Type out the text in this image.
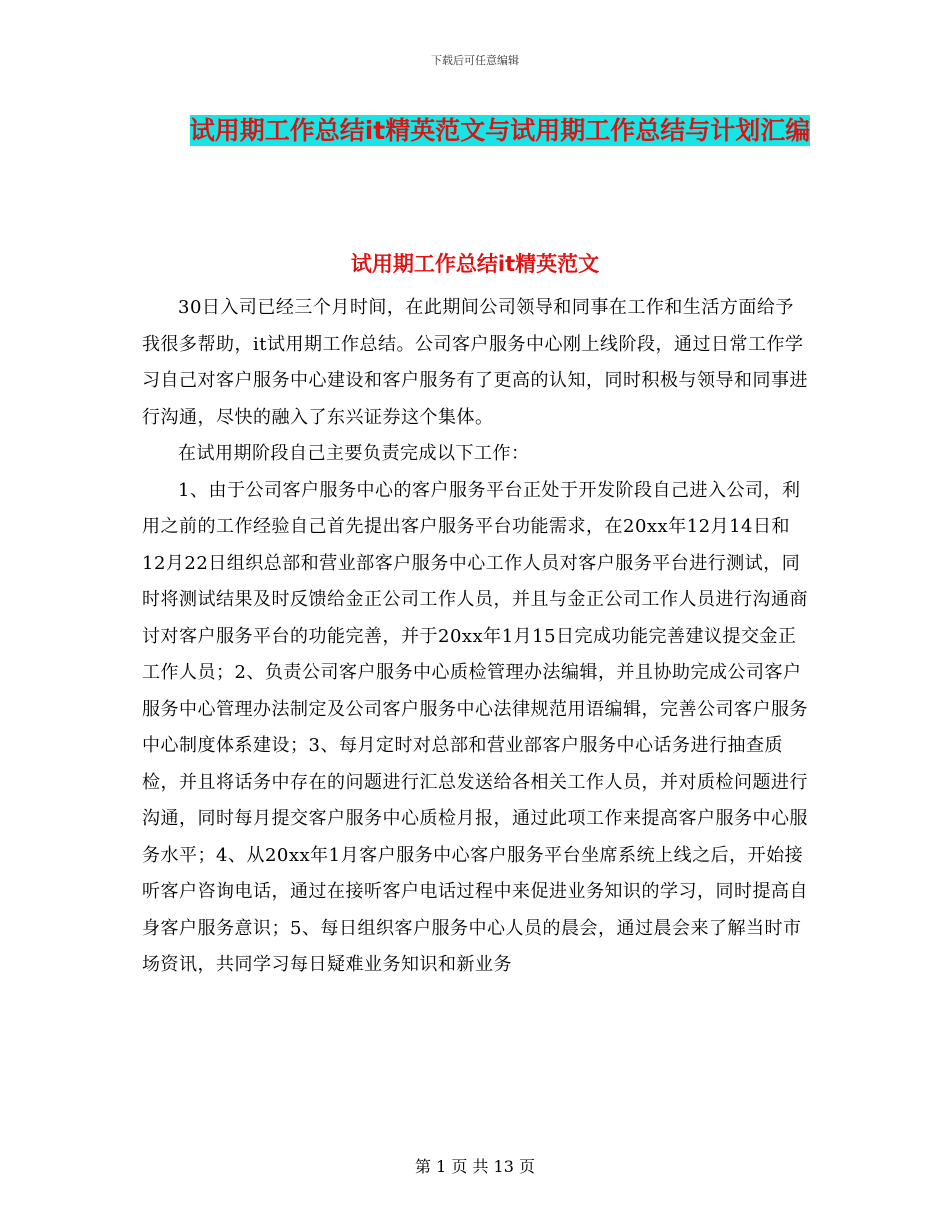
下载后可任意编辑
试用期工作总结it精英范文与试用期工作总结与计划汇编
试用期工作总结it精英范文

30日入司已经三个月时间，在此期间公司领导和同事在工作和生活方面给予我很多帮助，it试用期工作总结。公司客户服务中心刚上线阶段，通过日常工作学习自己对客户服务中心建设和客户服务有了更高的认知，同时积极与领导和同事进行沟通，尽快的融入了东兴证券这个集体。

在试用期阶段自己主要负责完成以下工作：

1、由于公司客户服务中心的客户服务平台正处于开发阶段自己进入公司，利用之前的工作经验自己首先提出客户服务平台功能需求，在20xx年12月14日和12月22日组织总部和营业部客户服务中心工作人员对客户服务平台进行测试，同时将测试结果及时反馈给金正公司工作人员，并且与金正公司工作人员进行沟通商讨对客户服务平台的功能完善，并于20xx年1月15日完成功能完善建议提交金正工作人员；2、负责公司客户服务中心质检管理办法编辑，并且协助完成公司客户服务中心管理办法制定及公司客户服务中心法律规范用语编辑，完善公司客户服务中心制度体系建设；3、每月定时对总部和营业部客户服务中心话务进行抽查质检，并且将话务中存在的问题进行汇总发送给各相关工作人员，并对质检问题进行沟通，同时每月提交客户服务中心质检月报，通过此项工作来提高客户服务中心服务水平；4、从20xx年1月客户服务中心客户服务平台坐席系统上线之后，开始接听客户咨询电话，通过在接听客户电话过程中来促进业务知识的学习，同时提高自身客户服务意识；5、每日组织客户服务中心人员的晨会，通过晨会来了解当时市场资讯，共同学习每日疑难业务知识和新业务

第 1 页 共 13 页
